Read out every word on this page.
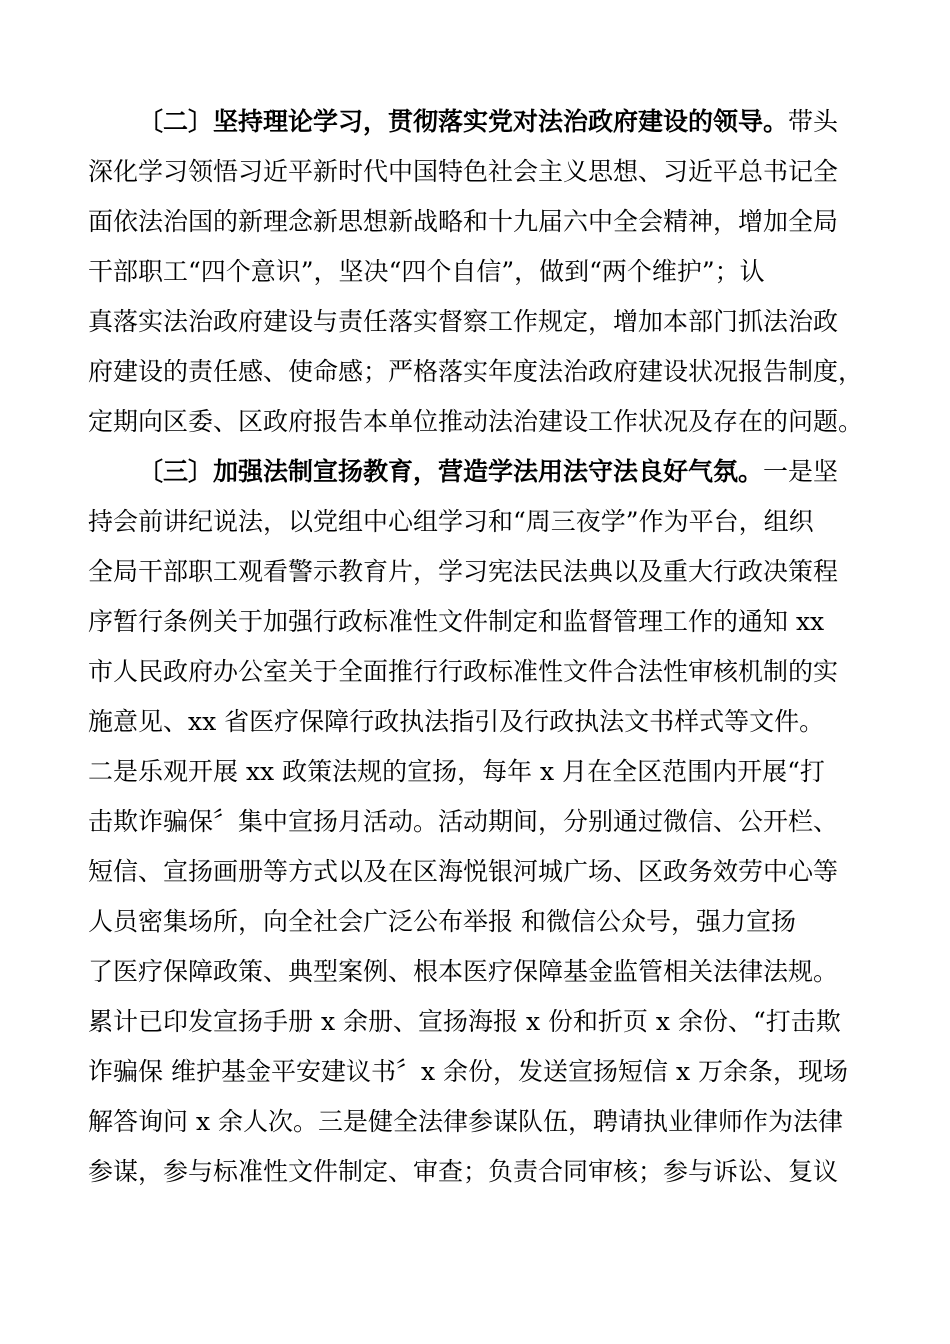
〔二〕坚持理论学习，贯彻落实党对法治政府建设的领导。带头
深化学习领悟习近平新时代中国特色社会主义思想、习近平总书记全
面依法治国的新理念新思想新战略和十九届六中全会精神，增加全局
干部职工“四个意识”，坚决“四个自信”，做到“两个维护”；认
真落实法治政府建设与责任落实督察工作规定，增加本部门抓法治政
府建设的责任感、使命感；严格落实年度法治政府建设状况报告制度，
定期向区委、区政府报告本单位推动法治建设工作状况及存在的问题。
〔三〕加强法制宣扬教育，营造学法用法守法良好气氛。一是坚
持会前讲纪说法，以党组中心组学习和“周三夜学”作为平台，组织
全局干部职工观看警示教育片，学习宪法民法典以及重大行政决策程
序暂行条例关于加强行政标准性文件制定和监督管理工作的通知 xx
市人民政府办公室关于全面推行行政标准性文件合法性审核机制的实
施意见、xx 省医疗保障行政执法指引及行政执法文书样式等文件。
二是乐观开展 xx 政策法规的宣扬，每年 x 月在全区范围内开展“打
击欺诈骗保〞集中宣扬月活动。活动期间，分别通过微信、公开栏、
短信、宣扬画册等方式以及在区海悦银河城广场、区政务效劳中心等
人员密集场所，向全社会广泛公布举报 和微信公众号，强力宣扬
了医疗保障政策、典型案例、根本医疗保障基金监管相关法律法规。
累计已印发宣扬手册 x 余册、宣扬海报 x 份和折页 x 余份、“打击欺
诈骗保 维护基金平安建议书〞x 余份，发送宣扬短信 x 万余条，现场
解答询问 x 余人次。三是健全法律参谋队伍，聘请执业律师作为法律
参谋，参与标准性文件制定、审查；负责合同审核；参与诉讼、复议
